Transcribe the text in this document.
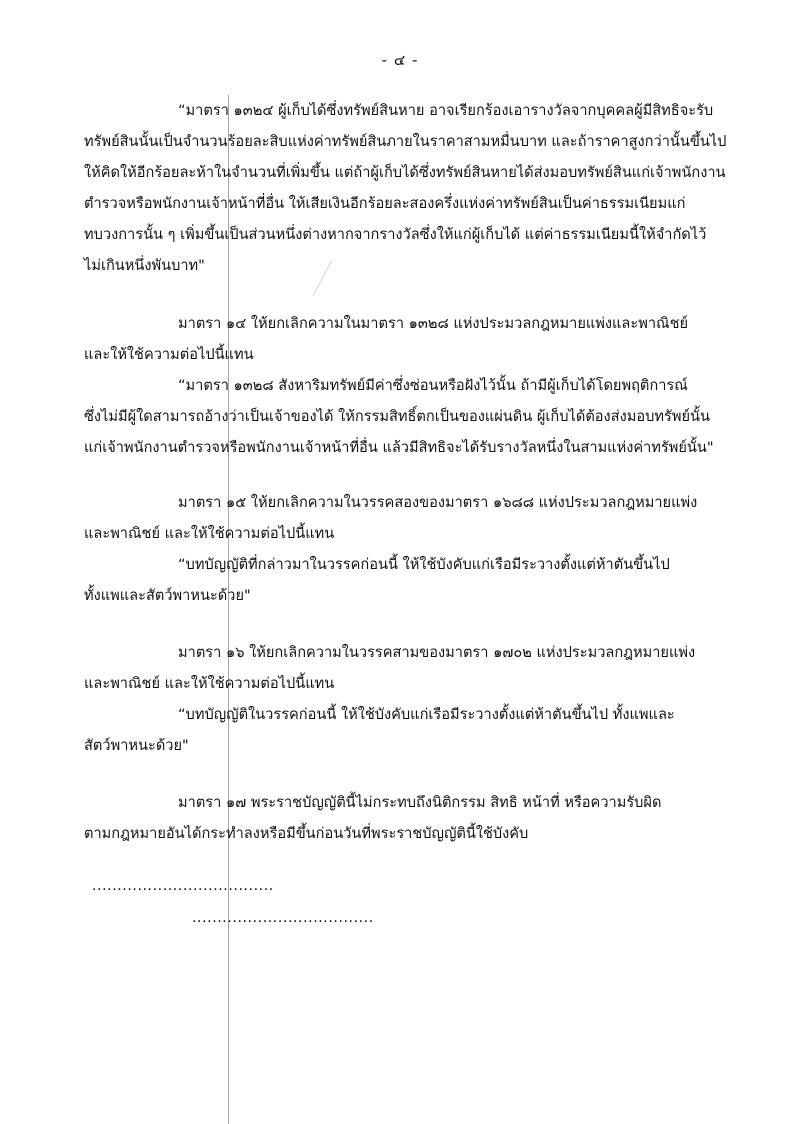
- ๔ -
“มาตรา ๑๓๒๔ ผู้เก็บได้ซึ่งทรัพย์สินหาย อาจเรียกร้องเอารางวัลจากบุคคลผู้มีสิทธิจะรับ
ทรัพย์สินนั้นเป็นจำนวนร้อยละสิบแห่งค่าทรัพย์สินภายในราคาสามหมื่นบาท และถ้าราคาสูงกว่านั้นขึ้นไป
ให้คิดให้อีกร้อยละห้าในจำนวนที่เพิ่มขึ้น แต่ถ้าผู้เก็บได้ซึ่งทรัพย์สินหายได้ส่งมอบทรัพย์สินแก่เจ้าพนักงาน
ตำรวจหรือพนักงานเจ้าหน้าที่อื่น ให้เสียเงินอีกร้อยละสองครึ่งแห่งค่าทรัพย์สินเป็นค่าธรรมเนียมแก่
ทบวงการนั้น ๆ เพิ่มขึ้นเป็นส่วนหนึ่งต่างหากจากรางวัลซึ่งให้แก่ผู้เก็บได้ แต่ค่าธรรมเนียมนี้ให้จำกัดไว้
ไม่เกินหนึ่งพันบาท"
มาตรา ๑๔ ให้ยกเลิกความในมาตรา ๑๓๒๘ แห่งประมวลกฎหมายแพ่งและพาณิชย์
และให้ใช้ความต่อไปนี้แทน
“มาตรา ๑๓๒๘ สังหาริมทรัพย์มีค่าซึ่งซ่อนหรือฝังไว้นั้น ถ้ามีผู้เก็บได้โดยพฤติการณ์
ซึ่งไม่มีผู้ใดสามารถอ้างว่าเป็นเจ้าของได้ ให้กรรมสิทธิ์ตกเป็นของแผ่นดิน ผู้เก็บได้ต้องส่งมอบทรัพย์นั้น
แก่เจ้าพนักงานตำรวจหรือพนักงานเจ้าหน้าที่อื่น แล้วมีสิทธิจะได้รับรางวัลหนึ่งในสามแห่งค่าทรัพย์นั้น"
มาตรา ๑๕ ให้ยกเลิกความในวรรคสองของมาตรา ๑๖๘๘ แห่งประมวลกฎหมายแพ่ง
และพาณิชย์ และให้ใช้ความต่อไปนี้แทน
“บทบัญญัติที่กล่าวมาในวรรคก่อนนี้ ให้ใช้บังคับแก่เรือมีระวางตั้งแต่ห้าตันขึ้นไป
ทั้งแพและสัตว์พาหนะด้วย"
มาตรา ๑๖ ให้ยกเลิกความในวรรคสามของมาตรา ๑๗๐๒ แห่งประมวลกฎหมายแพ่ง
และพาณิชย์ และให้ใช้ความต่อไปนี้แทน
“บทบัญญัติในวรรคก่อนนี้ ให้ใช้บังคับแก่เรือมีระวางตั้งแต่ห้าตันขึ้นไป ทั้งแพและ
สัตว์พาหนะด้วย"
มาตรา ๑๗ พระราชบัญญัตินี้ไม่กระทบถึงนิติกรรม สิทธิ หน้าที่ หรือความรับผิด
ตามกฎหมายอันได้กระทำลงหรือมีขึ้นก่อนวันที่พระราชบัญญัตินี้ใช้บังคับ
....................................
....................................
